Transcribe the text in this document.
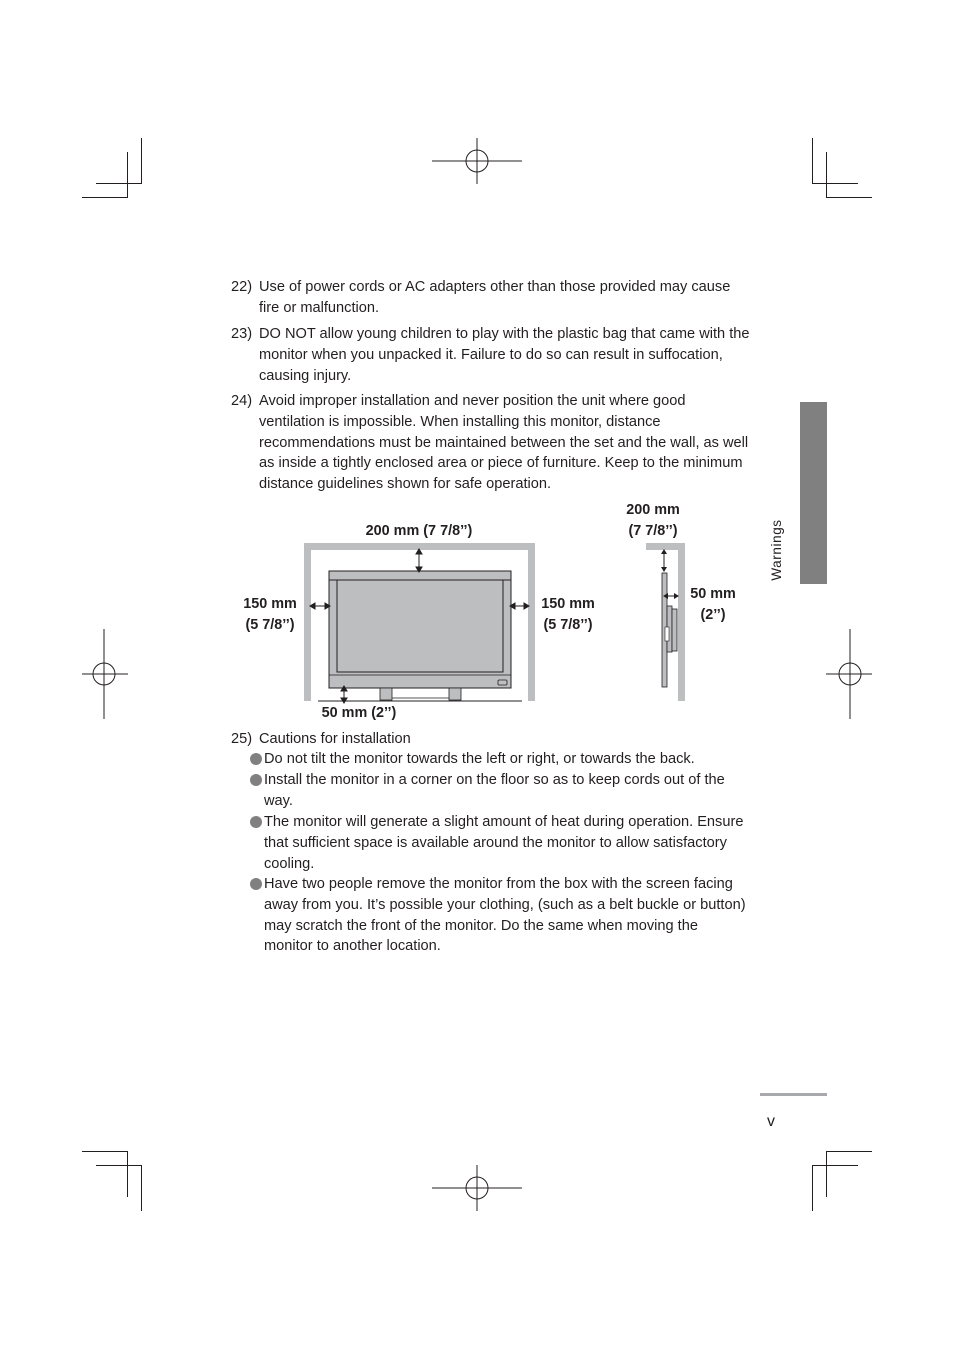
22) Use of power cords or AC adapters other than those provided may cause fire or malfunction.
23) DO NOT allow young children to play with the plastic bag that came with the monitor when you unpacked it. Failure to do so can result in suffocation, causing injury.
24) Avoid improper installation and never position the unit where good ventilation is impossible. When installing this monitor, distance recommendations must be maintained between the set and the wall, as well as inside a tightly enclosed area or piece of furniture. Keep to the minimum distance guidelines shown for safe operation.
200 mm (7 7/8’’)
150 mm
(5 7/8’’)
150 mm
(5 7/8’’)
50 mm (2’’)
200 mm
(7 7/8’’)
50 mm
(2’’)
25) Cautions for installation
Do not tilt the monitor towards the left or right, or towards the back.
Install the monitor in a corner on the floor so as to keep cords out of the way.
The monitor will generate a slight amount of heat during operation. Ensure that sufficient space is available around the monitor to allow satisfactory cooling.
Have two people remove the monitor from the box with the screen facing away from you. It’s possible your clothing, (such as a belt buckle or button) may scratch the front of the monitor. Do the same when moving the monitor to another location.
Warnings
v
